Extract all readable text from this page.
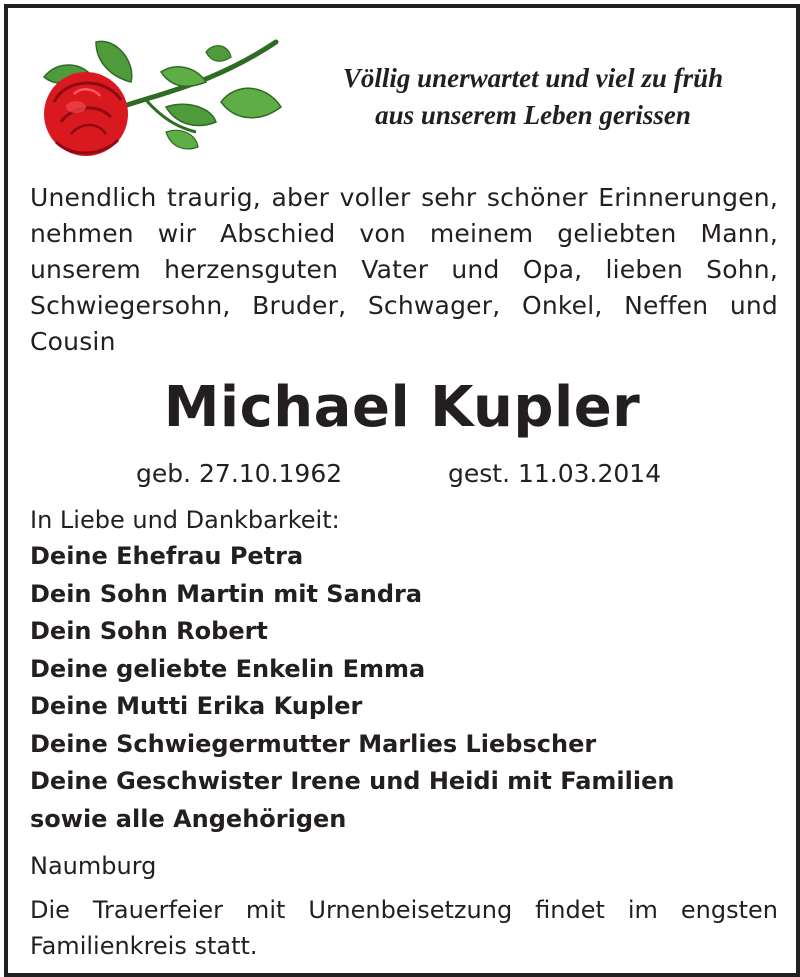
Völlig unerwartet und viel zu früh
aus unserem Leben gerissen
Unendlich traurig, aber voller sehr schöner Erinnerungen, nehmen wir Abschied von meinem geliebten Mann, unserem herzensguten Vater und Opa, lieben Sohn, Schwiegersohn, Bruder, Schwager, Onkel, Neffen und Cousin
Michael Kupler
geb. 27.10.1962	gest. 11.03.2014
In Liebe und Dankbarkeit:
Deine Ehefrau Petra
Dein Sohn Martin mit Sandra
Dein Sohn Robert
Deine geliebte Enkelin Emma
Deine Mutti Erika Kupler
Deine Schwiegermutter Marlies Liebscher
Deine Geschwister Irene und Heidi mit Familien
sowie alle Angehörigen
Naumburg
Die Trauerfeier mit Urnenbeisetzung findet im engsten Familienkreis statt.
